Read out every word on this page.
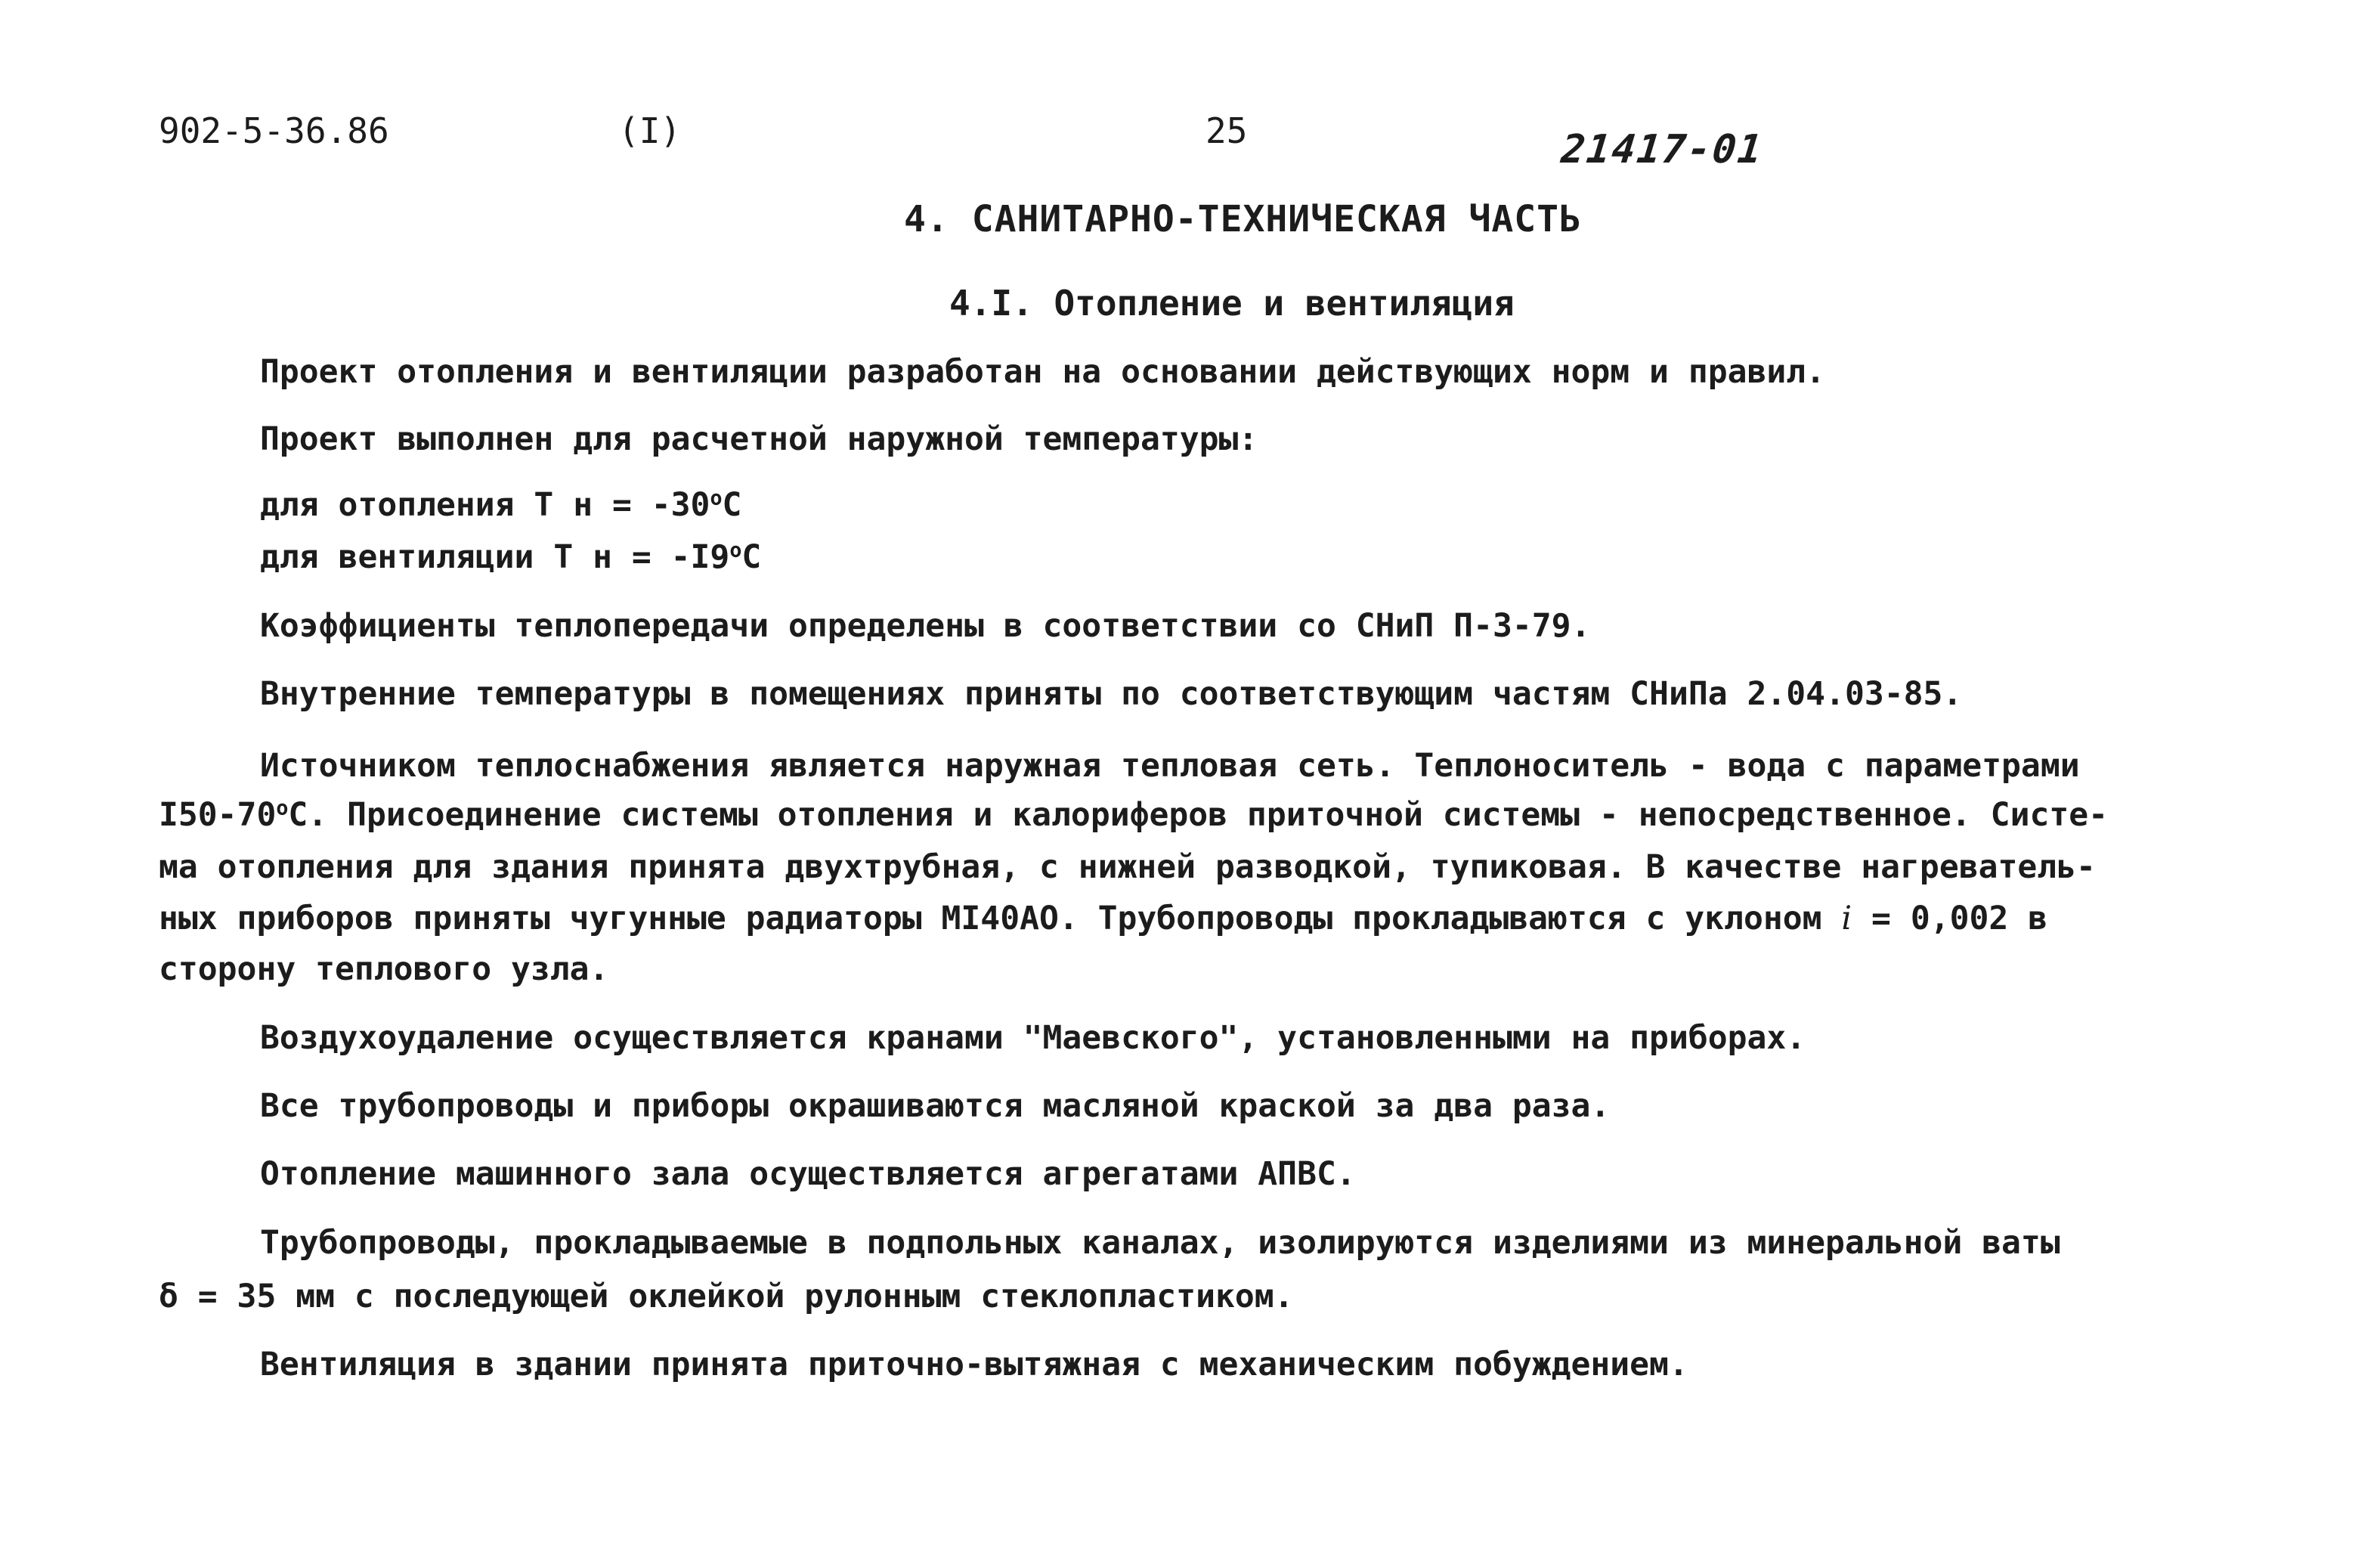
902-5-36.86	(I)	25	21417-01
4. САНИТАРНО-ТЕХНИЧЕСКАЯ ЧАСТЬ
4.I. Отопление и вентиляция
Проект отопления и вентиляции разработан на основании действующих норм и правил.
Проект выполнен для расчетной наружной температуры:
для отопления Т $н = -30^оС$
для вентиляции Т $н = -I9^оС$
Коэффициенты теплопередачи определены в соответствии со СНиП П-3-79.
Внутренние температуры в помещениях приняты по соответствующим частям СНиПа 2.04.03-85.
Источником теплоснабжения является наружная тепловая сеть. Теплоноситель - вода с параметрами
$I50-70^оС$. Присоединение системы отопления и калориферов приточной системы - непосредственное. Систе-
ма отопления для здания принята двухтрубная, с нижней разводкой, тупиковая. В качестве нагреватель-
ных приборов приняты чугунные радиаторы МI40АО. Трубопроводы прокладываются с уклоном i = 0,002 в
сторону теплового узла.
Воздухоудаление осуществляется кранами "Маевского", установленными на приборах.
Все трубопроводы и приборы окрашиваются масляной краской за два раза.
Отопление машинного зала осуществляется агрегатами АПВС.
Трубопроводы, прокладываемые в подпольных каналах, изолируются изделиями из минеральной ваты
δ = 35 мм с последующей оклейкой рулонным стеклопластиком.
Вентиляция в здании принята приточно-вытяжная с механическим побуждением.
